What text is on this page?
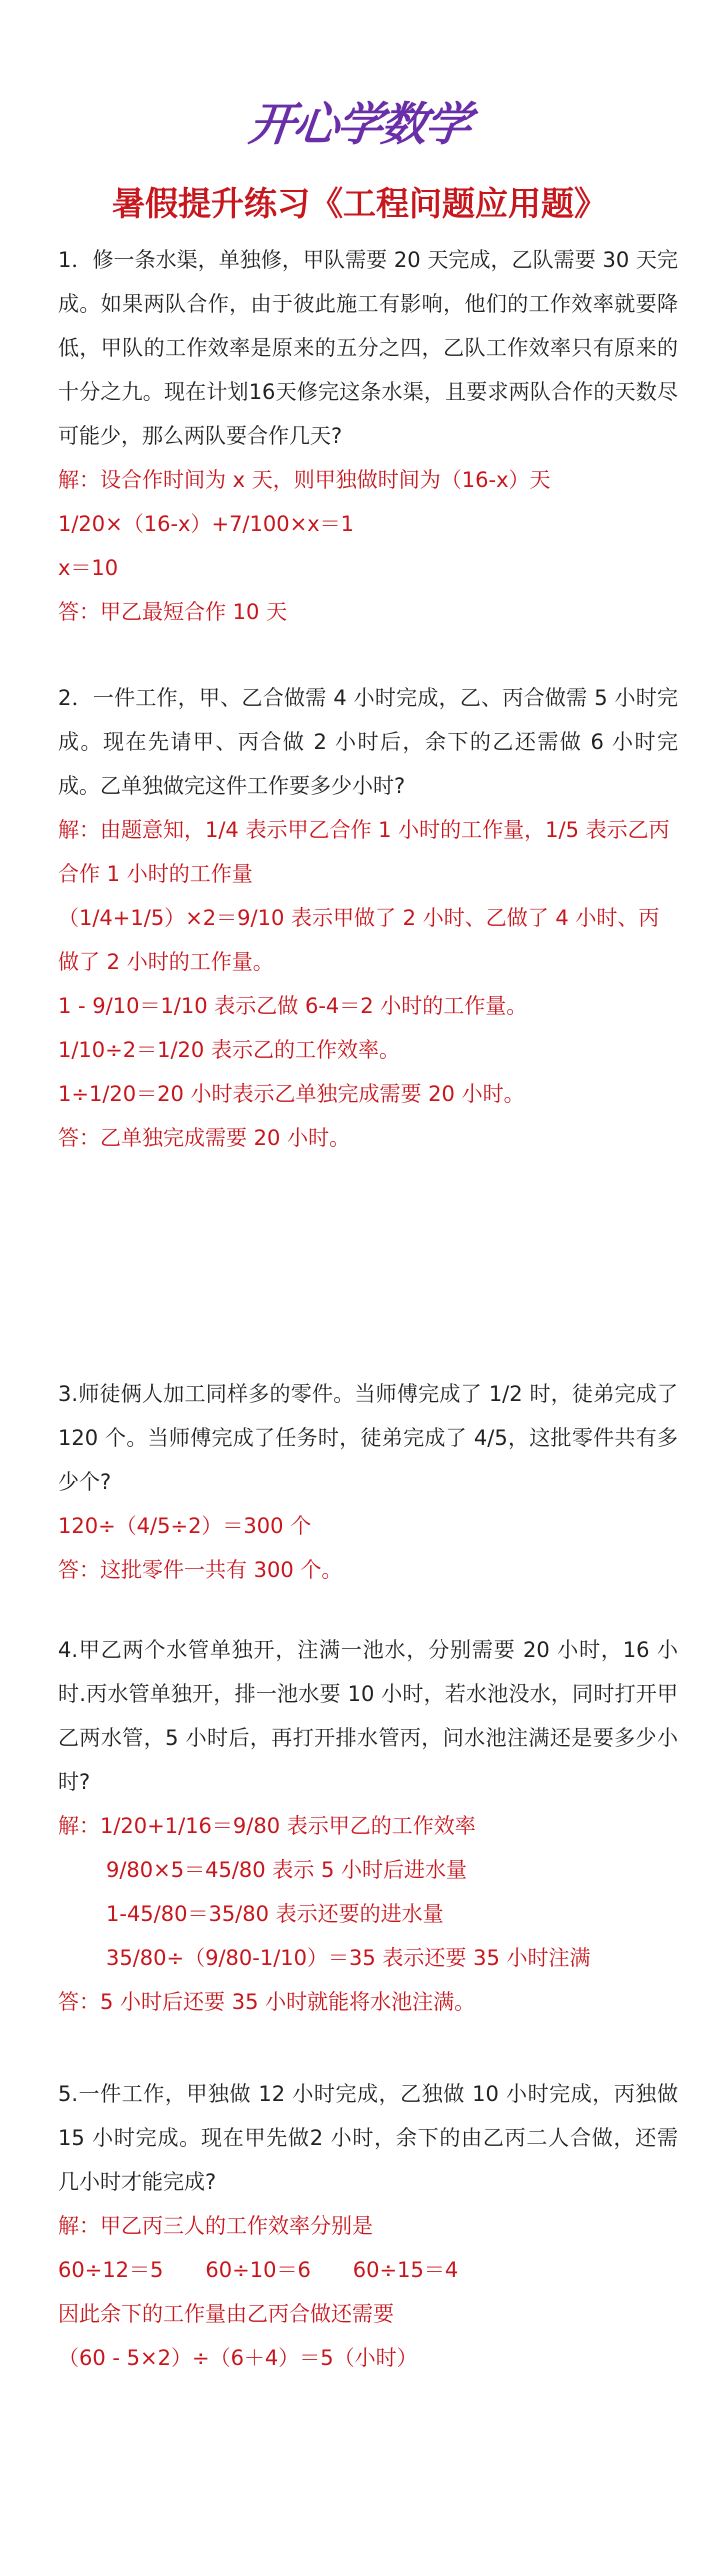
开心学数学
暑假提升练习《工程问题应用题》

1．修一条水渠，单独修，甲队需要 20 天完成，乙队需要 30 天完成。如果两队合作，由于彼此施工有影响，他们的工作效率就要降低，甲队的工作效率是原来的五分之四，乙队工作效率只有原来的十分之九。现在计划16天修完这条水渠，且要求两队合作的天数尽可能少，那么两队要合作几天?

解：设合作时间为 x 天，则甲独做时间为（16-x）天

1/20×（16-x）+7/100×x＝1

x＝10

答：甲乙最短合作 10 天

2．一件工作，甲、乙合做需 4 小时完成，乙、丙合做需 5 小时完成。现在先请甲、丙合做 2 小时后，余下的乙还需做 6 小时完成。乙单独做完这件工作要多少小时?

解：由题意知，1/4 表示甲乙合作 1 小时的工作量，1/5 表示乙丙合作 1 小时的工作量

（1/4+1/5）×2＝9/10 表示甲做了 2 小时、乙做了 4 小时、丙做了 2 小时的工作量。

1 - 9/10＝1/10 表示乙做 6-4＝2 小时的工作量。

1/10÷2＝1/20 表示乙的工作效率。

1÷1/20＝20 小时表示乙单独完成需要 20 小时。

答：乙单独完成需要 20 小时。

3.师徒俩人加工同样多的零件。当师傅完成了 1/2 时，徒弟完成了 120 个。当师傅完成了任务时，徒弟完成了 4/5，这批零件共有多少个?

120÷（4/5÷2）＝300 个

答：这批零件一共有 300 个。

4.甲乙两个水管单独开，注满一池水，分别需要 20 小时，16 小时.丙水管单独开，排一池水要 10 小时，若水池没水，同时打开甲乙两水管，5 小时后，再打开排水管丙，问水池注满还是要多少小时?

解：1/20+1/16＝9/80 表示甲乙的工作效率

9/80×5＝45/80 表示 5 小时后进水量

1-45/80＝35/80 表示还要的进水量

35/80÷（9/80-1/10）＝35 表示还要 35 小时注满

答：5 小时后还要 35 小时就能将水池注满。

5.一件工作，甲独做 12 小时完成，乙独做 10 小时完成，丙独做15 小时完成。现在甲先做2 小时，余下的由乙丙二人合做，还需几小时才能完成?

解：甲乙丙三人的工作效率分别是

60÷12＝5　　60÷10＝6　　60÷15＝4

因此余下的工作量由乙丙合做还需要

（60 - 5×2）÷（6＋4）＝5（小时）
